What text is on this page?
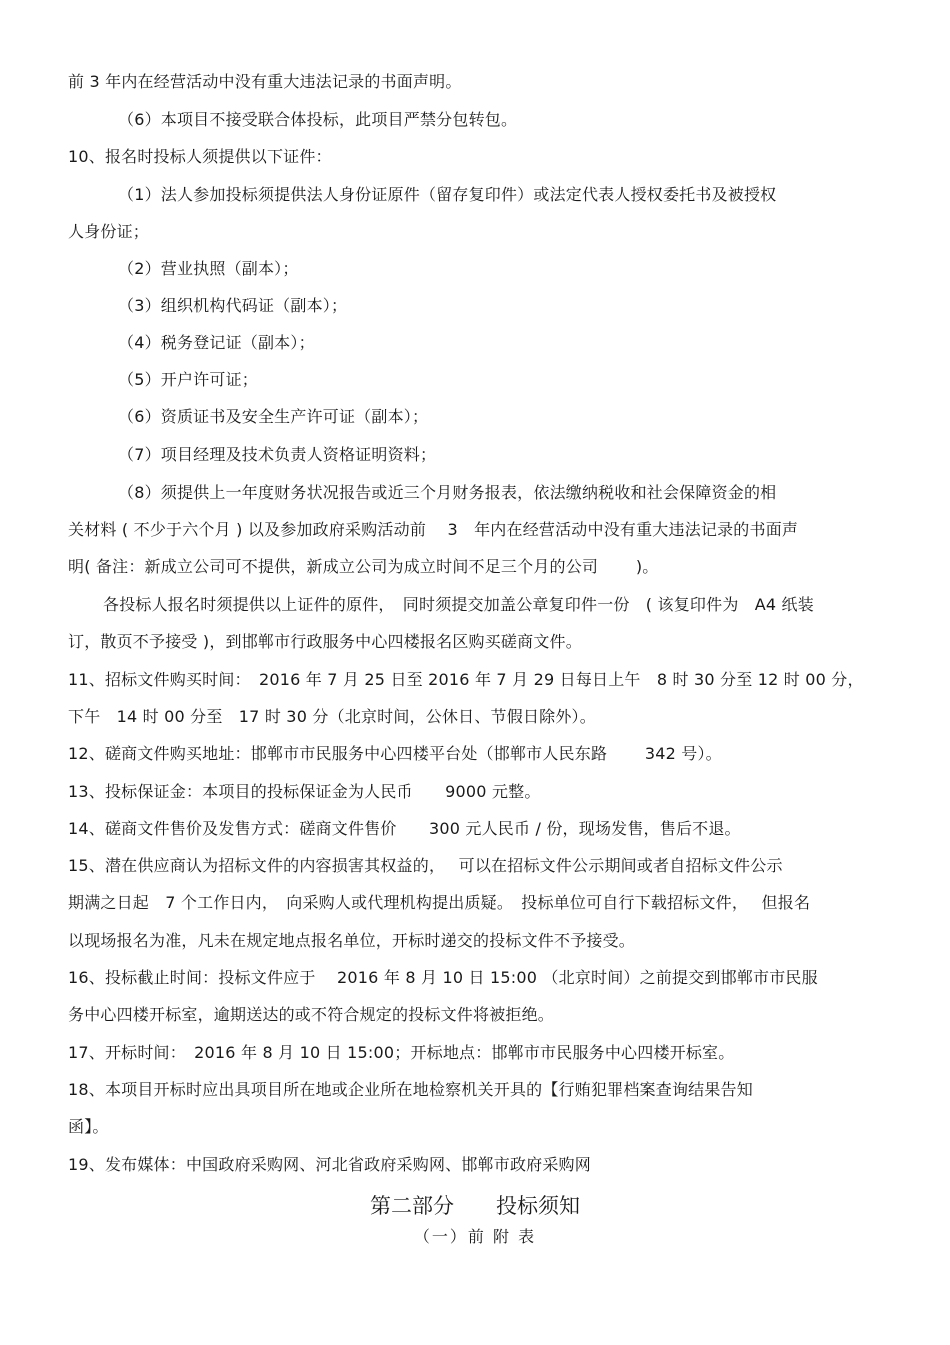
前 3 年内在经营活动中没有重大违法记录的书面声明。
（6）本项目不接受联合体投标，此项目严禁分包转包。
10、报名时投标人须提供以下证件：
（1）法人参加投标须提供法人身份证原件（留存复印件）或法定代表人授权委托书及被授权
人身份证；
（2）营业执照（副本）；
（3）组织机构代码证（副本）；
（4）税务登记证（副本）；
（5）开户许可证；
（6）资质证书及安全生产许可证（副本）；
（7）项目经理及技术负责人资格证明资料；
（8）须提供上一年度财务状况报告或近三个月财务报表，依法缴纳税收和社会保障资金的相
关材料 ( 不少于六个月 ) 以及参加政府采购活动前　 3　年内在经营活动中没有重大违法记录的书面声
明( 备注：新成立公司可不提供，新成立公司为成立时间不足三个月的公司　　 )。
各投标人报名时须提供以上证件的原件，　同时须提交加盖公章复印件一份　( 该复印件为　A4 纸装
订，散页不予接受 )，到邯郸市行政服务中心四楼报名区购买磋商文件。
11、招标文件购买时间：　2016 年 7 月 25 日至 2016 年 7 月 29 日每日上午　8 时 30 分至 12 时 00 分，
下午　14 时 00 分至　17 时 30 分（北京时间，公休日、节假日除外）。
12、磋商文件购买地址：邯郸市市民服务中心四楼平台处（邯郸市人民东路　　 342 号）。
13、投标保证金：本项目的投标保证金为人民币　　9000 元整。
14、磋商文件售价及发售方式：磋商文件售价　　300 元人民币 / 份，现场发售，售后不退。
15、潜在供应商认为招标文件的内容损害其权益的，　 可以在招标文件公示期间或者自招标文件公示
期满之日起　7 个工作日内，　向采购人或代理机构提出质疑。　投标单位可自行下载招标文件，　 但报名
以现场报名为准，凡未在规定地点报名单位，开标时递交的投标文件不予接受。
16、投标截止时间：投标文件应于　 2016 年 8 月 10 日 15:00 （北京时间）之前提交到邯郸市市民服
务中心四楼开标室，逾期送达的或不符合规定的投标文件将被拒绝。
17、开标时间：　2016 年 8 月 10 日 15:00；开标地点：邯郸市市民服务中心四楼开标室。
18、本项目开标时应出具项目所在地或企业所在地检察机关开具的【行贿犯罪档案查询结果告知
函】。
19、发布媒体：中国政府采购网、河北省政府采购网、邯郸市政府采购网
第二部分　　投标须知
（一）前 附 表
